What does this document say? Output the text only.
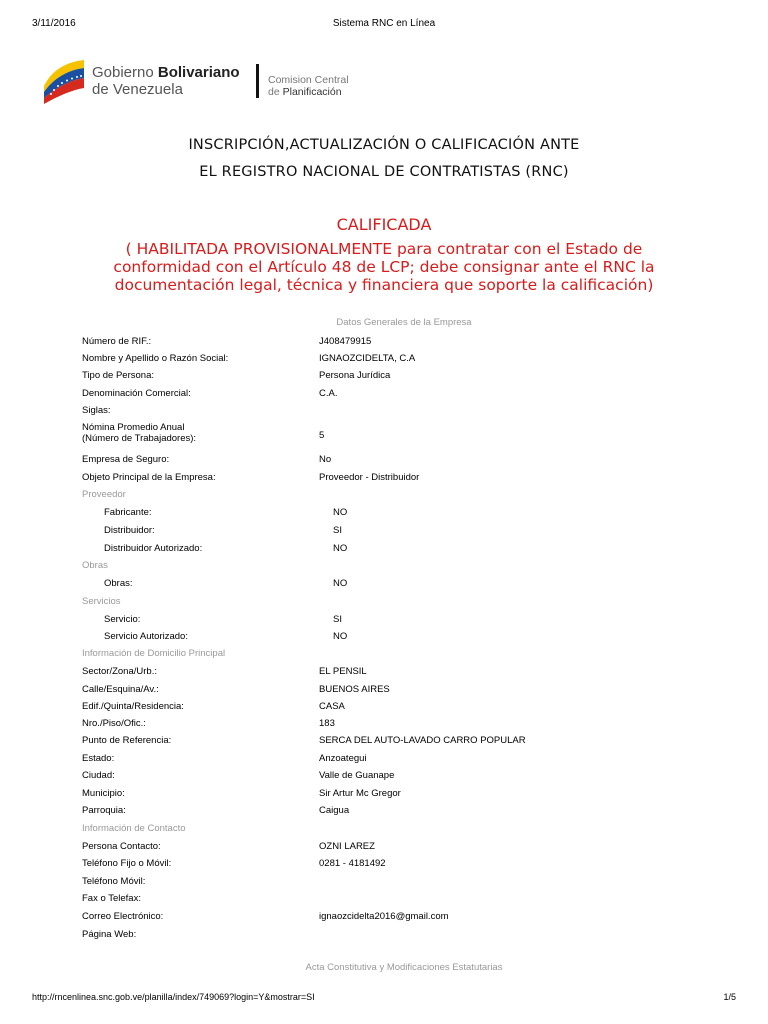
3/11/2016	Sistema RNC en Línea
Gobierno Bolivariano
de Venezuela
Comision Central
de Planificación
INSCRIPCIÓN,ACTUALIZACIÓN O CALIFICACIÓN ANTE
EL REGISTRO NACIONAL DE CONTRATISTAS (RNC)
CALIFICADA
( HABILITADA PROVISIONALMENTE para contratar con el Estado de
conformidad con el Artículo 48 de LCP; debe consignar ante el RNC la
documentación legal, técnica y financiera que soporte la calificación)
Datos Generales de la Empresa
Número de RIF.:	J408479915
Nombre y Apellido o Razón Social:	IGNAOZCIDELTA, C.A
Tipo de Persona:	Persona Jurídica
Denominación Comercial:	C.A.
Siglas:
Nómina Promedio Anual
(Número de Trabajadores):	5
Empresa de Seguro:	No
Objeto Principal de la Empresa:	Proveedor - Distribuidor
Proveedor
Fabricante:	NO
Distribuidor:	SI
Distribuidor Autorizado:	NO
Obras
Obras:	NO
Servicios
Servicio:	SI
Servicio Autorizado:	NO
Información de Domicilio Principal
Sector/Zona/Urb.:	EL PENSIL
Calle/Esquina/Av.:	BUENOS AIRES
Edif./Quinta/Residencia:	CASA
Nro./Piso/Ofic.:	183
Punto de Referencia:	SERCA DEL AUTO-LAVADO CARRO POPULAR
Estado:	Anzoategui
Ciudad:	Valle de Guanape
Municipio:	Sir Artur Mc Gregor
Parroquia:	Caigua
Información de Contacto
Persona Contacto:	OZNI LAREZ
Teléfono Fijo o Móvil:	0281 - 4181492
Teléfono Móvil:
Fax o Telefax:
Correo Electrónico:	ignaozcidelta2016@gmail.com
Página Web:
Acta Constitutiva y Modificaciones Estatutarias
http://rncenlinea.snc.gob.ve/planilla/index/749069?login=Y&mostrar=SI	1/5
